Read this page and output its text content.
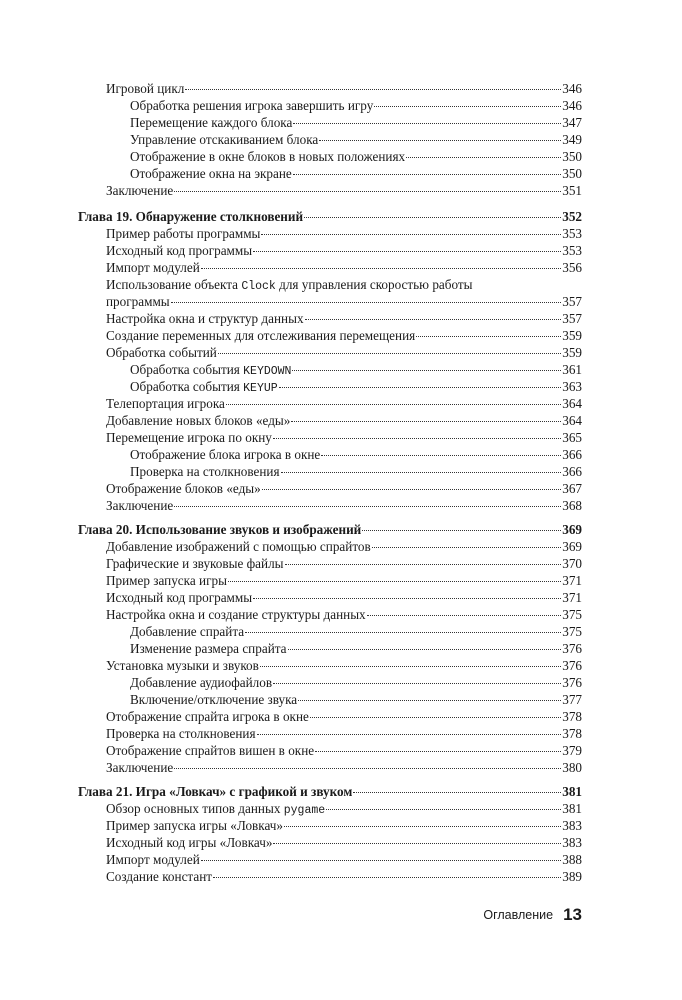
Игровой цикл	346
Обработка решения игрока завершить игру	346
Перемещение каждого блока	347
Управление отскакиванием блока	349
Отображение в окне блоков в новых положениях	350
Отображение окна на экране	350
Заключение	351
Глава 19. Обнаружение столкновений	352
Пример работы программы	353
Исходный код программы	353
Импорт модулей	356
Использование объекта Clock для управления скоростью работы
программы	357
Настройка окна и структур данных	357
Создание переменных для отслеживания перемещения	359
Обработка событий	359
Обработка события KEYDOWN	361
Обработка события KEYUP	363
Телепортация игрока	364
Добавление новых блоков «еды»	364
Перемещение игрока по окну	365
Отображение блока игрока в окне	366
Проверка на столкновения	366
Отображение блоков «еды»	367
Заключение	368
Глава 20. Использование звуков и изображений	369
Добавление изображений с помощью спрайтов	369
Графические и звуковые файлы	370
Пример запуска игры	371
Исходный код программы	371
Настройка окна и создание структуры данных	375
Добавление спрайта	375
Изменение размера спрайта	376
Установка музыки и звуков	376
Добавление аудиофайлов	376
Включение/отключение звука	377
Отображение спрайта игрока в окне	378
Проверка на столкновения	378
Отображение спрайтов вишен в окне	379
Заключение	380
Глава 21. Игра «Ловкач» с графикой и звуком	381
Обзор основных типов данных pygame	381
Пример запуска игры «Ловкач»	383
Исходный код игры «Ловкач»	383
Импорт модулей	388
Создание констант	389
Оглавление 13
